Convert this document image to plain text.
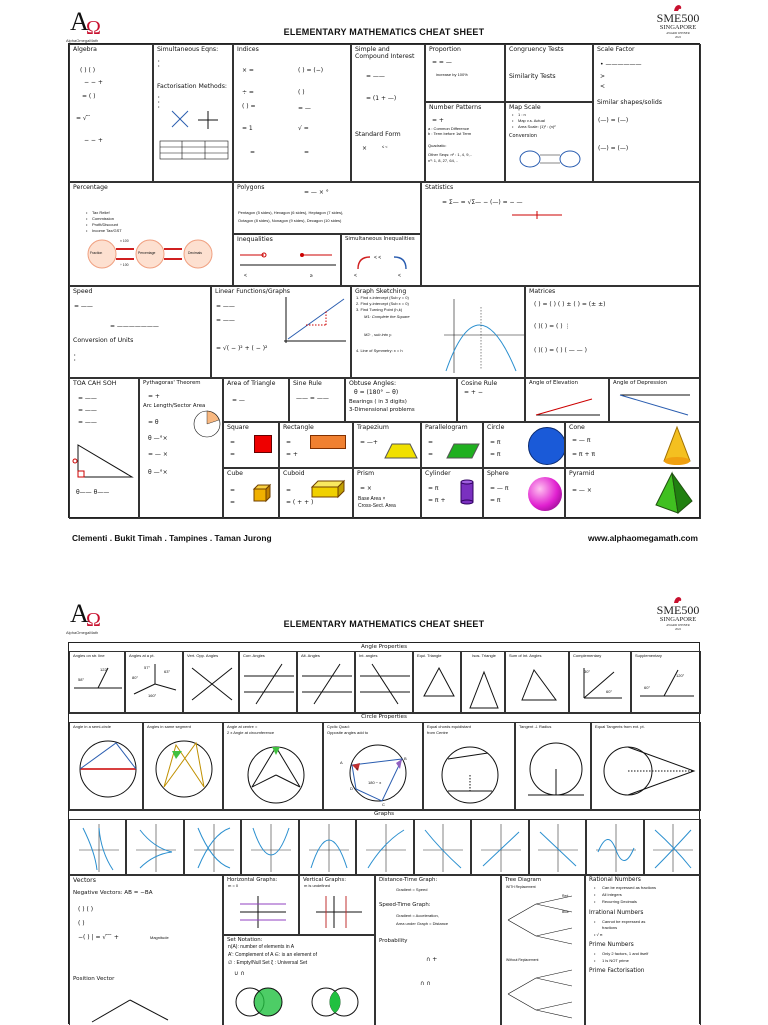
A
Ω
AlphaOmegaMath
ELEMENTARY MATHEMATICS CHEAT SHEET
SME500
SINGAPORE
AWARD WINNER
2022
Algebra
( ) ( )
− − +
= ( )
= √ ̄ ̄
− − +
Simultaneous Eqns:
•
•
Factorisation Methods:
•
•
•
Indices
× =	( ) = (−)
÷ =	( )
( ) =	= —
= 1	√ =
=	=
Simple and Compound Interest
= ——
= (1 + —)
Standard Form
×	≤ <
Proportion
= = —
increase by 100%
Number Patterns
= +
a : Common Difference
b : Term before 1st Term
Quadratic:
Other Seqs: n² : 1, 4, 9,..
n³: 1, 8, 27, 64, ..
Congruency Tests
Similarity Tests
Map Scale
• 1 : n
• Map v.s. Actual
• Area Scale: (1)² : (n)²
Conversion
Scale Factor
• ——————
>
<
Similar shapes/solids
(—) = (—)
(—) = (—)
Percentage
• Tax Relief
• Commission
• Profit/Discount
• Income Tax/GST
Fraction	Percentage	Decimals
× 100
÷ 100
Polygons
= — × °
Pentagon (5 sides), Hexagon (6 sides), Heptagon (7 sides),
Octagon (8 sides), Nonagon (9 sides), Decagon (10 sides)
Inequalities
<	≥
Simultaneous Inequalities
< <
<	<
Statistics
= Σ— = √Σ— − (—) = − —
Speed
= ——
= ———————
Conversion of Units
•
•
Linear Functions/Graphs
= ——
= ——
= √( − )² + ( − )²
Graph Sketching
1. Find x-intercept (Sub y = 0)
2. Find y-intercept (Sub x = 0)
3. Find Turning Point (h,k)
M1: Complete the Square
M2: , sub into y.
4. Line of Symmetry: x = h
Matrices
( ) = ( ) ( ) ± ( ) = (± ±)
( )( ) = ( ) ⋮
( )( ) = ( ) ( — — )
TOA CAH SOH
= ——
= ——
= ——
θ—— θ——
Pythagoras' Theorem
= +
Arc Length/Sector Area
= θ
θ —°×
= — ×
θ —°×
Area of Triangle
= —
Sine Rule
—— = ——
Obtuse Angles:
θ = (180° − θ)
Bearings ( in 3 digits)
3-Dimensional problems
Cosine Rule
= + −
Angle of Elevation	Angle of Depression
Square
=
=
Rectangle
=
= +
Trapezium
= —+
Parallelogram
=
=
Circle
= π
= π
Cone
= — π
= π + π
Cube
=
=
Cuboid
=
= ( + + )
Prism
= ×
Base Area ×
Cross-Sect. Area
Cylinder
= π
= π +
Sphere
= — π
= π
Pyramid
= — ×
Clementi . Bukit Timah . Tampines . Taman Jurong	www.alphaomegamath.com
A
Ω
AlphaOmegaMath
ELEMENTARY MATHEMATICS CHEAT SHEET
SME500
SINGAPORE
AWARD WINNER
2022
Angle Properties
Angles on str. line
122°
58°
Angles at a pt.
57°
63°
80°
160°
Vert. Opp. Angles	Corr. Angles	Alt. Angles	Int. angles	Equi. Triangle	Isos. Triangle	Sum of Int. Angles	Complementary
30°
60°
Supplementary
120°
60°
Circle Properties
Angle in a semi-circle	Angles in same segment	Angle at centre =
2 x Angle at circumference
Cyclic Quad:
Opposite angles add to
A
B
C
D
x
180 − x
Equal chords equidistant
from Centre
Tangent ⊥ Radius	Equal Tangents from ext. pt.
Graphs
Vectors
Negative Vectors: AB = −BA
( ) ( )
( )
−( ) | = √ ̄ ̄ ̄ +	Magnitude
Position Vector
Horizontal Graphs:
m = 0
Vertical Graphs:
m is undefined
Set Notation:
n(A): number of elements in A
A': Complement of A ∈: is an element of
∅ : Empty/Null Set ξ : Universal Set
∪ ∩
Distance-Time Graph:
Gradient = Speed
Speed-Time Graph:
Gradient = Acceleration,
Area under Graph = Distance
Probability
∩ +
∩ ∩
Tree Diagram
WITH Replacement
Red
Blue
Without Replacement
Rational Numbers
• Can be expressed as fractions
• All integers
• Recurring Decimals
Irrational Numbers
• Cannot be expressed as
fractions
• √ π
Prime Numbers
• Only 2 factors, 1 and itself
• 1 is NOT prime
Prime Factorisation
